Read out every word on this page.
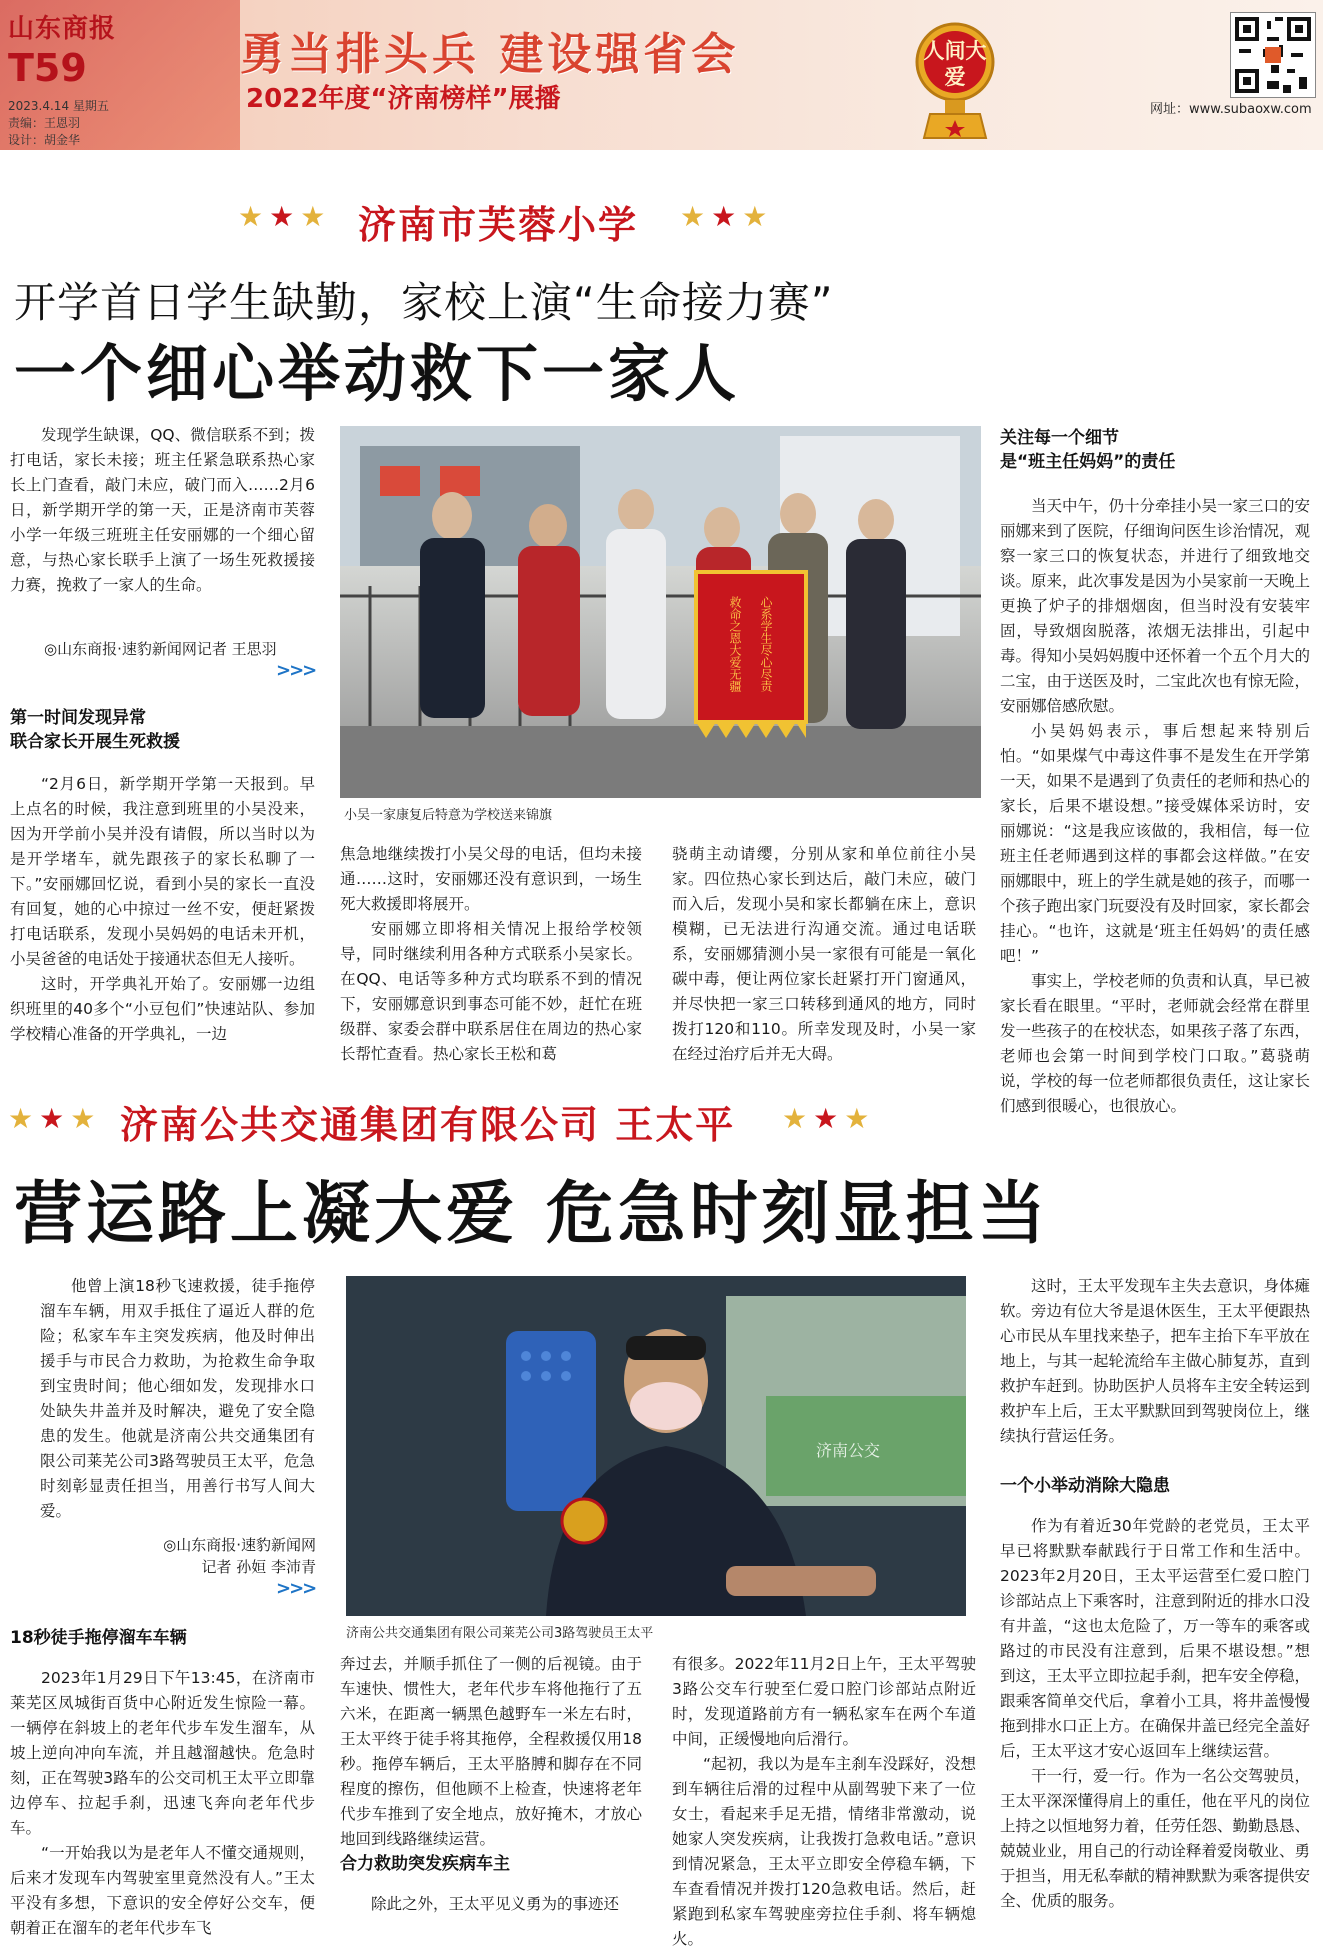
山东商报
T59
2023.4.14 星期五
责编：王恩羽
设计：胡金华
勇当排头兵 建设强省会
2022年度“济南榜样”展播
人间大爱
网址：www.subaoxw.com
★★★ 济南市芙蓉小学 ★★★
开学首日学生缺勤，家校上演“生命接力赛”
一个细心举动救下一家人

发现学生缺课，QQ、微信联系不到；拨打电话，家长未接；班主任紧急联系热心家长上门查看，敲门未应，破门而入……2月6日，新学期开学的第一天，正是济南市芙蓉小学一年级三班班主任安丽娜的一个细心留意，与热心家长联手上演了一场生死救援接力赛，挽救了一家人的生命。

◎山东商报·速豹新闻网记者 王思羽
>>>	心系学生尽心尽责
救命之恩大爱无疆
小吴一家康复后特意为学校送来锦旗
第一时间发现异常
联合家长开展生死救援

“2月6日，新学期开学第一天报到。早上点名的时候，我注意到班里的小吴没来，因为开学前小吴并没有请假，所以当时以为是开学堵车，就先跟孩子的家长私聊了一下。”安丽娜回忆说，看到小吴的家长一直没有回复，她的心中掠过一丝不安，便赶紧拨打电话联系，发现小吴妈妈的电话未开机，小吴爸爸的电话处于接通状态但无人接听。

这时，开学典礼开始了。安丽娜一边组织班里的40多个“小豆包们”快速站队、参加学校精心准备的开学典礼，一边

焦急地继续拨打小吴父母的电话，但均未接通……这时，安丽娜还没有意识到，一场生死大救援即将展开。

安丽娜立即将相关情况上报给学校领导，同时继续利用各种方式联系小吴家长。在QQ、电话等多种方式均联系不到的情况下，安丽娜意识到事态可能不妙，赶忙在班级群、家委会群中联系居住在周边的热心家长帮忙查看。热心家长王松和葛

骁萌主动请缨，分别从家和单位前往小吴家。四位热心家长到达后，敲门未应，破门而入后，发现小吴和家长都躺在床上，意识模糊，已无法进行沟通交流。通过电话联系，安丽娜猜测小吴一家很有可能是一氧化碳中毒，便让两位家长赶紧打开门窗通风，并尽快把一家三口转移到通风的地方，同时拨打120和110。所幸发现及时，小吴一家在经过治疗后并无大碍。

关注每一个细节
是“班主任妈妈”的责任

当天中午，仍十分牵挂小吴一家三口的安丽娜来到了医院，仔细询问医生诊治情况，观察一家三口的恢复状态，并进行了细致地交谈。原来，此次事发是因为小吴家前一天晚上更换了炉子的排烟烟囱，但当时没有安装牢固，导致烟囱脱落，浓烟无法排出，引起中毒。得知小吴妈妈腹中还怀着一个五个月大的二宝，由于送医及时，二宝此次也有惊无险，安丽娜倍感欣慰。

小吴妈妈表示，事后想起来特别后怕。“如果煤气中毒这件事不是发生在开学第一天，如果不是遇到了负责任的老师和热心的家长，后果不堪设想。”接受媒体采访时，安丽娜说：“这是我应该做的，我相信，每一位班主任老师遇到这样的事都会这样做。”在安丽娜眼中，班上的学生就是她的孩子，而哪一个孩子跑出家门玩耍没有及时回家，家长都会挂心。“也许，这就是‘班主任妈妈’的责任感吧！”

事实上，学校老师的负责和认真，早已被家长看在眼里。“平时，老师就会经常在群里发一些孩子的在校状态，如果孩子落了东西，老师也会第一时间到学校门口取。”葛骁萌说，学校的每一位老师都很负责任，这让家长们感到很暖心，也很放心。

★★★ 济南公共交通集团有限公司 王太平 ★★★
营运路上凝大爱 危急时刻显担当

他曾上演18秒飞速救援，徒手拖停溜车车辆，用双手抵住了逼近人群的危险；私家车车主突发疾病，他及时伸出援手与市民合力救助，为抢救生命争取到宝贵时间；他心细如发，发现排水口处缺失井盖并及时解决，避免了安全隐患的发生。他就是济南公共交通集团有限公司莱芜公司3路驾驶员王太平，危急时刻彰显责任担当，用善行书写人间大爱。

◎山东商报·速豹新闻网
记者 孙姮 李沛青
>>>
济南公交
济南公共交通集团有限公司莱芜公司3路驾驶员王太平
18秒徒手拖停溜车车辆

2023年1月29日下午13:45，在济南市莱芜区凤城街百货中心附近发生惊险一幕。一辆停在斜坡上的老年代步车发生溜车，从坡上逆向冲向车流，并且越溜越快。危急时刻，正在驾驶3路车的公交司机王太平立即靠边停车、拉起手刹，迅速飞奔向老年代步车。

“一开始我以为是老年人不懂交通规则，后来才发现车内驾驶室里竟然没有人。”王太平没有多想，下意识的安全停好公交车，便朝着正在溜车的老年代步车飞

奔过去，并顺手抓住了一侧的后视镜。由于车速快、惯性大，老年代步车将他拖行了五六米，在距离一辆黑色越野车一米左右时，王太平终于徒手将其拖停，全程救援仅用18秒。拖停车辆后，王太平胳膊和脚存在不同程度的擦伤，但他顾不上检查，快速将老年代步车推到了安全地点，放好掩木，才放心地回到线路继续运营。

合力救助突发疾病车主

除此之外，王太平见义勇为的事迹还

有很多。2022年11月2日上午，王太平驾驶3路公交车行驶至仁爱口腔门诊部站点附近时，发现道路前方有一辆私家车在两个车道中间，正缓慢地向后滑行。

“起初，我以为是车主刹车没踩好，没想到车辆往后滑的过程中从副驾驶下来了一位女士，看起来手足无措，情绪非常激动，说她家人突发疾病，让我拨打急救电话。”意识到情况紧急，王太平立即安全停稳车辆，下车查看情况并拨打120急救电话。然后，赶紧跑到私家车驾驶座旁拉住手刹、将车辆熄火。

这时，王太平发现车主失去意识，身体瘫软。旁边有位大爷是退休医生，王太平便跟热心市民从车里找来垫子，把车主抬下车平放在地上，与其一起轮流给车主做心肺复苏，直到救护车赶到。协助医护人员将车主安全转运到救护车上后，王太平默默回到驾驶岗位上，继续执行营运任务。

一个小举动消除大隐患

作为有着近30年党龄的老党员，王太平早已将默默奉献践行于日常工作和生活中。2023年2月20日，王太平运营至仁爱口腔门诊部站点上下乘客时，注意到附近的排水口没有井盖，“这也太危险了，万一等车的乘客或路过的市民没有注意到，后果不堪设想。”想到这，王太平立即拉起手刹，把车安全停稳，跟乘客简单交代后，拿着小工具，将井盖慢慢拖到排水口正上方。在确保井盖已经完全盖好后，王太平这才安心返回车上继续运营。

干一行，爱一行。作为一名公交驾驶员，王太平深深懂得肩上的重任，他在平凡的岗位上持之以恒地努力着，任劳任怨、勤勤恳恳、兢兢业业，用自己的行动诠释着爱岗敬业、勇于担当，用无私奉献的精神默默为乘客提供安全、优质的服务。
